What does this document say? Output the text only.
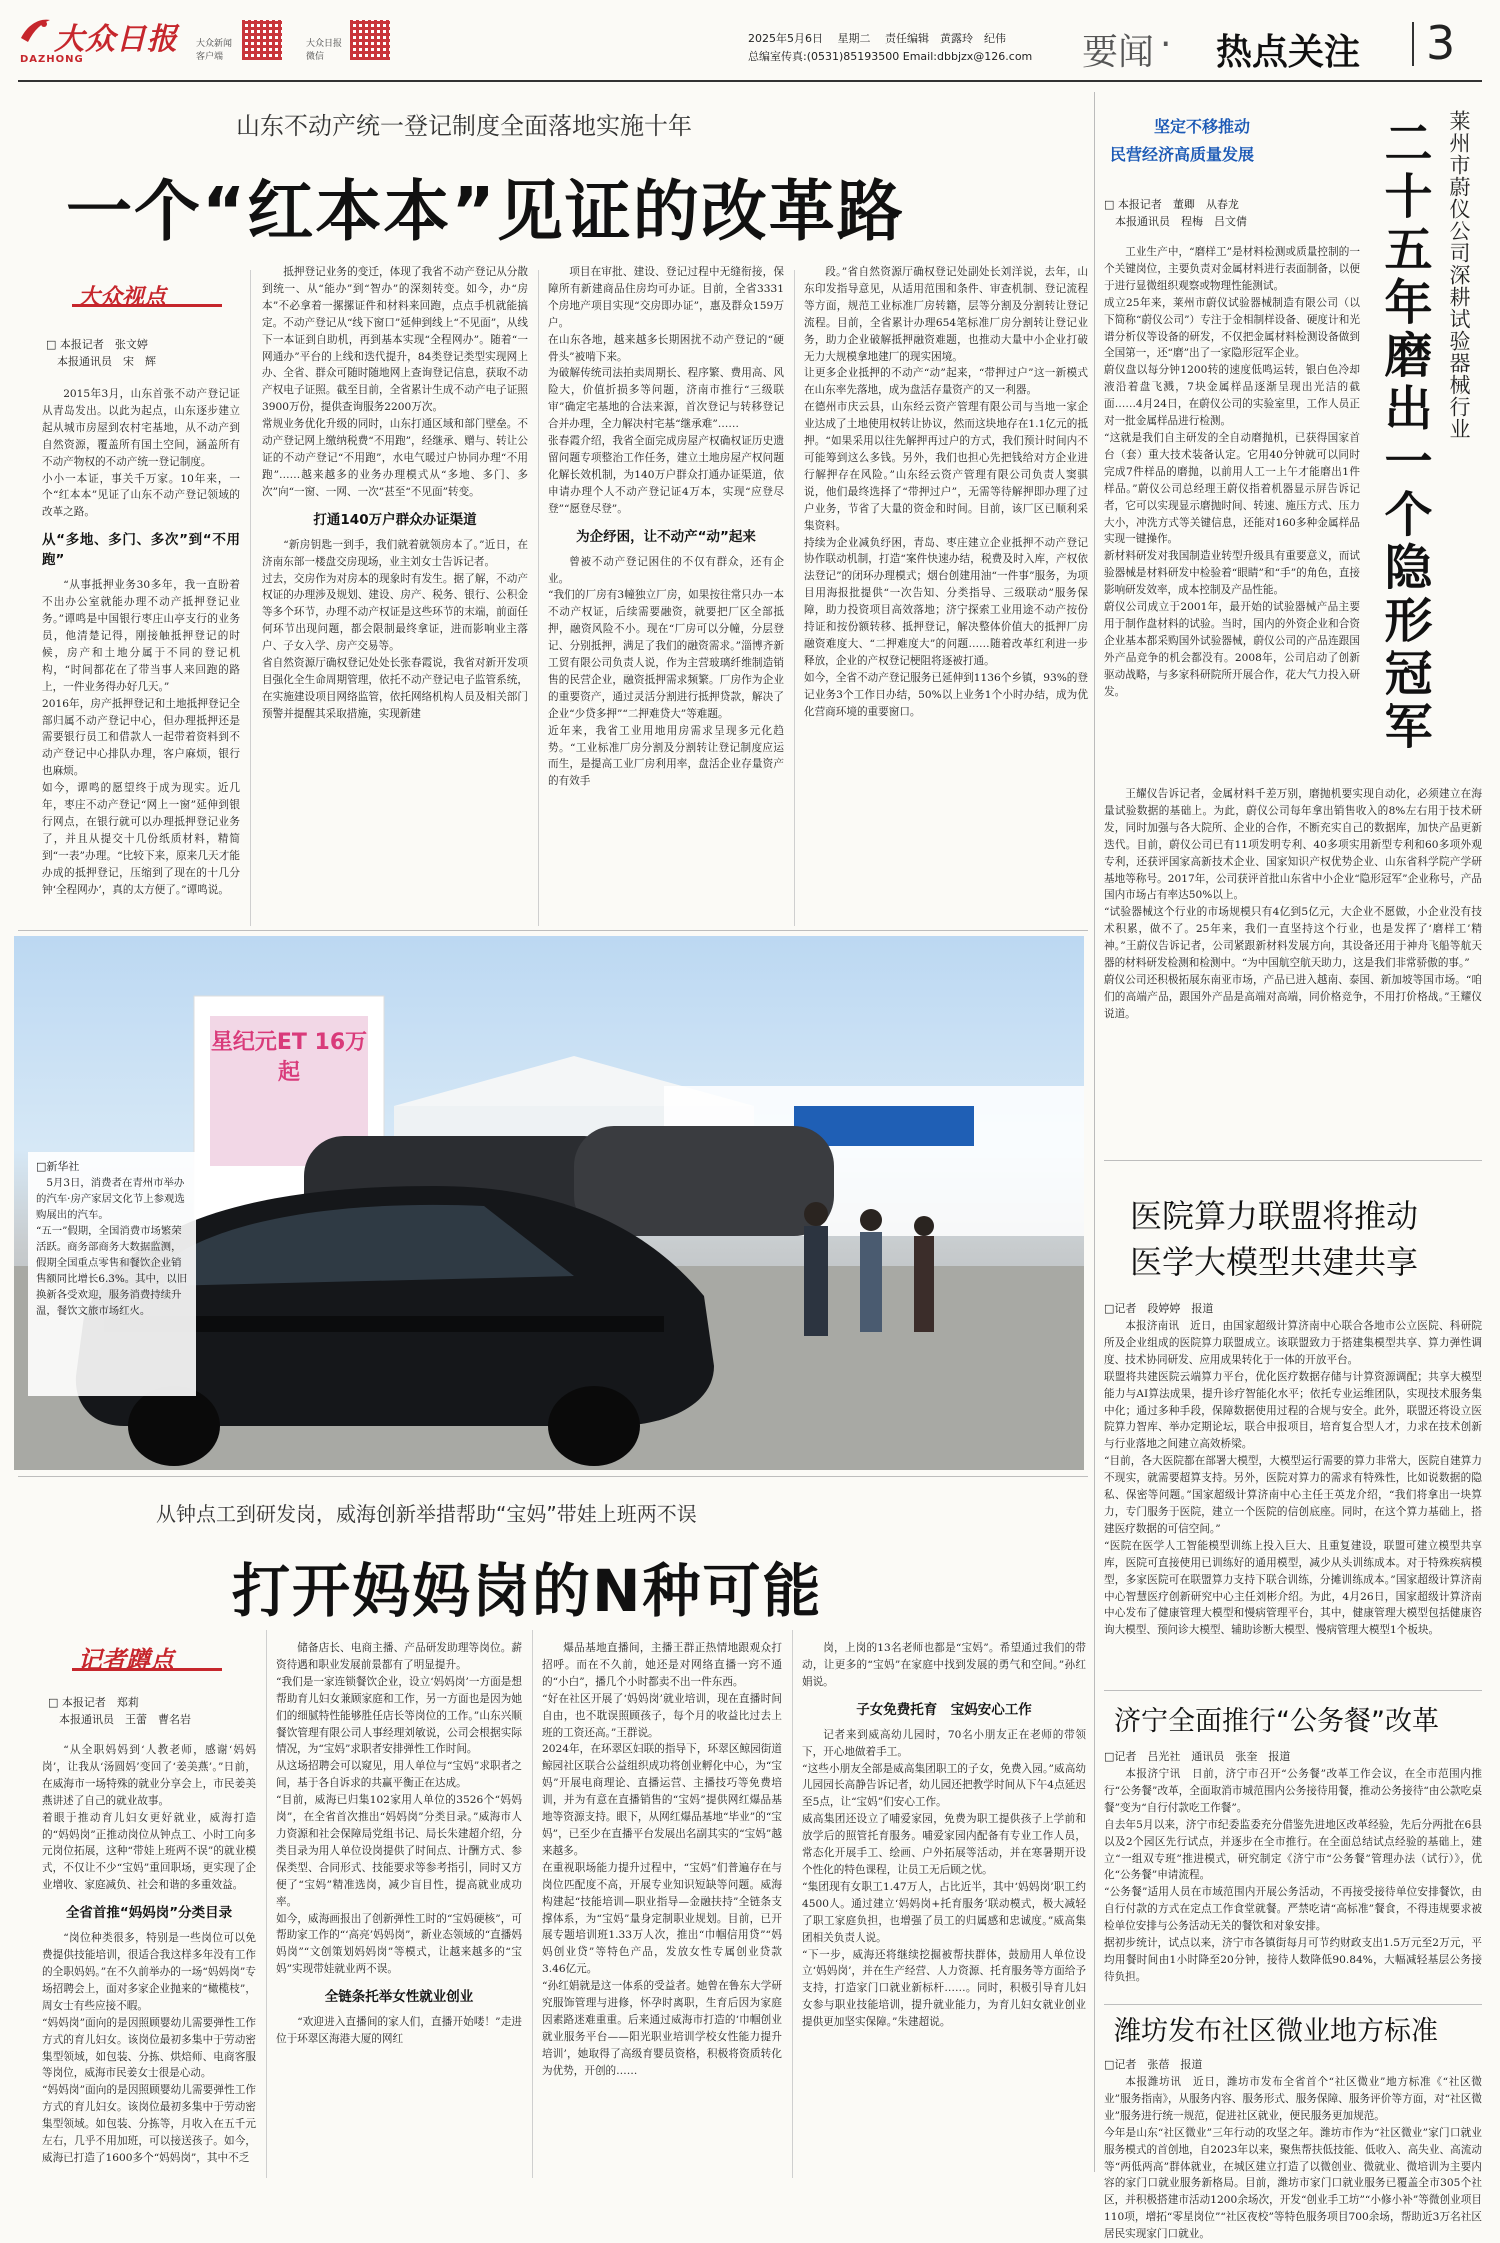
大众日报
DAZHONG
大众新闻
客户端
大众日报
微信
2025年5月6日　 星期二　 责任编辑　黄露玲　纪伟
总编室传真:(0531)85193500 Email:dbbjzx@126.com 要闻 · 热点关注 3
山东不动产统一登记制度全面落地实施十年
一个“红本本”见证的改革路
大众视点
□ 本报记者　张文婷
　本报通讯员　宋　辉

2015年3月，山东首张不动产登记证从青岛发出。以此为起点，山东逐步建立起从城市房屋到农村宅基地，从不动产到自然资源，覆盖所有国土空间，涵盖所有不动产物权的不动产统一登记制度。
小小一本证，事关千万家。10年来，一个“红本本”见证了山东不动产登记领域的改革之路。

从“多地、多门、多次”到“不用跑”

“从事抵押业务30多年，我一直盼着不出办公室就能办理不动产抵押登记业务。”谭鸣是中国银行枣庄山亭支行的业务员，他清楚记得，刚接触抵押登记的时候，房产和土地分属于不同的登记机构，“时间都花在了带当事人来回跑的路上，一件业务得办好几天。”
2016年，房产抵押登记和土地抵押登记全部归属不动产登记中心，但办理抵押还是需要银行员工和借款人一起带着资料到不动产登记中心排队办理，客户麻烦，银行也麻烦。
如今，谭鸣的愿望终于成为现实。近几年，枣庄不动产登记“网上一窗”延伸到银行网点，在银行就可以办理抵押登记业务了，并且从提交十几份纸质材料，精简到“一表”办理。“比较下来，原来几天才能办成的抵押登记，压缩到了现在的十几分钟‘全程网办’，真的太方便了。”谭鸣说。

抵押登记业务的变迁，体现了我省不动产登记从分散到统一、从“能办”到“智办”的深刻转变。如今，办“房本”不必拿着一摞摞证件和材料来回跑，点点手机就能搞定。不动产登记从“线下窗口”延伸到线上“不见面”，从线下一本证到自助机，再到基本实现“全程网办”。随着“一网通办”平台的上线和迭代提升，84类登记类型实现网上办、全省、群众可随时随地网上查询登记信息，获取不动产权电子证照。截至目前，全省累计生成不动产电子证照3900万份，提供查询服务2200万次。
常规业务优化升级的同时，山东打通区域和部门壁垒。不动产登记网上缴纳税费“不用跑”，经继承、赠与、转让公证的不动产登记“不用跑”，水电气暖过户协同办理“不用跑”……越来越多的业务办理模式从“多地、多门、多次”向“一窗、一网、一次”甚至“不见面”转变。

打通140万户群众办证渠道

“新房钥匙一到手，我们就着就领房本了。”近日，在济南东部一楼盘交房现场，业主刘女士告诉记者。
过去，交房作为对房本的现象时有发生。据了解，不动产权证的办理涉及规划、建设、房产、税务、银行、公积金等多个环节，办理不动产权证是这些环节的末端，前面任何环节出现问题，都会限制最终拿证，进而影响业主落户、子女入学、房产交易等。
省自然资源厅确权登记处处长张春霞说，我省对新开发项目强化全生命周期管理，依托不动产登记电子监管系统，在实施建设项目网络监管，依托网络机构人员及相关部门预警并提醒其采取措施，实现新建

项目在审批、建设、登记过程中无缝衔接，保障所有新建商品住房均可办证。目前，全省3331个房地产项目实现“交房即办证”，惠及群众159万户。
在山东各地，越来越多长期困扰不动产登记的“硬骨头”被啃下来。
为破解传统司法拍卖周期长、程序繁、费用高、风险大，价值折损多等问题，济南市推行“三级联审”确定宅基地的合法来源，首次登记与转移登记合并办理，全力解决村宅基“继承难”……
张春霞介绍，我省全面完成房屋产权确权证历史遗留问题专项整治工作任务，建立土地房屋产权问题化解长效机制，为140万户群众打通办证渠道，依申请办理个人不动产登记证4万本，实现“应登尽登”“愿登尽登”。

为企纾困，让不动产“动”起来

曾被不动产登记困住的不仅有群众，还有企业。
“我们的厂房有3幢独立厂房，如果按往常只办一本不动产权证，后续需要融资，就要把厂区全部抵押，融资风险不小。现在“厂房可以分幢，分层登记、分别抵押，满足了我们的融资需求。”淄博齐新工贸有限公司负责人说，作为主营玻璃纤维制造销售的民营企业，融资抵押需求频繁。厂房作为企业的重要资产，通过灵活分割进行抵押贷款，解决了企业“少贷多押”“二押难贷大”等难题。
近年来，我省工业用地用房需求呈现多元化趋势。“工业标准厂房分割及分割转让登记制度应运而生，是提高工业厂房利用率，盘活企业存量资产的有效手

段。”省自然资源厅确权登记处副处长刘洋说，去年，山东印发指导意见，从适用范围和条件、审查机制、登记流程等方面，规范工业标准厂房转籍，层等分割及分割转让登记流程。目前，全省累计办理654笔标准厂房分割转让登记业务，助力企业破解抵押融资难题，也推动大量中小企业打破无力大规模拿地建厂的现实困境。
让更多企业抵押的不动产“动”起来，“带押过户”这一新模式在山东率先落地，成为盘活存量资产的又一利器。
在德州市庆云县，山东经云资产管理有限公司与当地一家企业达成了土地使用权转让协议，然而这块地存在1.1亿元的抵押。“如果采用以往先解押再过户的方式，我们预计时间内不可能筹到这么多钱。另外，我们也担心先把钱给对方企业进行解押存在风险。”山东经云资产管理有限公司负责人窦骐说，他们最终选择了“带押过户”，无需等待解押即办理了过户业务，节省了大量的资金和时间。目前，该厂区已顺利采集资料。
持续为企业减负纾困，青岛、枣庄建立企业抵押不动产登记协作联动机制，打造“案件快速办结，税费及时入库，产权依法登记”的闭环办理模式；烟台创建用油“一件事”服务，为项目用海报批提供“一次告知、分类指导、三级联动”服务保障，助力投资项目高效落地；济宁探索工业用途不动产按份持证和按份额转移、抵押登记，解决整体价值大的抵押厂房融资难度大、“二押难度大”的问题……随着改革红利进一步释放，企业的产权登记梗阻将逐被打通。
如今，全省不动产登记服务已延伸到1136个乡镇，93%的登记业务3个工作日办结，50%以上业务1个小时办结，成为优化营商环境的重要窗口。

坚定不移推动
民营经济高质量发展	莱州市蔚仪公司深耕试验器械行业
二十五年磨出一个隐形冠军
□ 本报记者　董卿　从春龙
　本报通讯员　程梅　吕文倩

工业生产中，“磨样工”是材料检测或质量控制的一个关键岗位，主要负责对金属材料进行表面制备，以便于进行显微组织观察或物理性能测试。
成立25年来，莱州市蔚仪试验器械制造有限公司（以下简称“蔚仪公司”）专注于金相制样设备、硬度计和光谱分析仪等设备的研发，不仅把金属材料检测设备做到全国第一，还“磨”出了一家隐形冠军企业。
蔚仪盘以每分钟1200转的速度低鸣运转，银白色冷却液沿着盘飞溅，7块金属样品逐渐呈现出光洁的截面……4月24日，在蔚仪公司的实验室里，工作人员正对一批金属样品进行检测。
“这就是我们自主研发的全自动磨抛机，已获得国家首台（套）重大技术装备认定。它用40分钟就可以同时完成7件样品的磨抛，以前用人工一上午才能磨出1件样品。”蔚仪公司总经理王蔚仪指着机器显示屏告诉记者，它可以实现显示磨抛时间、转速、施压方式、压力大小，冲洗方式等关键信息，还能对160多种金属样品实现一键操作。
新材料研发对我国制造业转型升级具有重要意义，而试验器械是材料研发中检验着“眼睛”和“手”的角色，直接影响研发效率，成本控制及产品性能。
蔚仪公司成立于2001年，最开始的试验器械产品主要用于制作盘材料的试验。当时，国内的外资企业和合资企业基本都采购国外试验器械，蔚仪公司的产品连跟国外产品竞争的机会都没有。2008年，公司启动了创新驱动战略，与多家科研院所开展合作，花大气力投入研发。

王耀仪告诉记者，金属材料千差万别，磨抛机要实现自动化，必须建立在海量试验数据的基础上。为此，蔚仪公司每年拿出销售收入的8%左右用于技术研发，同时加强与各大院所、企业的合作，不断充实自己的数据库，加快产品更新迭代。目前，蔚仪公司已有11项发明专利、40多项实用新型专利和60多项外观专利，还获评国家高新技术企业、国家知识产权优势企业、山东省科学院产学研基地等称号。2017年，公司获评首批山东省中小企业“隐形冠军”企业称号，产品国内市场占有率达50%以上。
“试验器械这个行业的市场规模只有4亿到5亿元，大企业不愿做，小企业没有技术积累，做不了。25年来，我们一直坚持这个行业，也是发挥了‘磨样工’精神。”王蔚仪告诉记者，公司紧跟新材料发展方向，其设备还用于神舟飞船等航天器的材料研发检测和检测中。“为中国航空航天助力，这是我们非常骄傲的事。”
蔚仪公司还积极拓展东南亚市场，产品已进入越南、泰国、新加坡等国市场。“咱们的高端产品，跟国外产品是高端对高端，同价格竞争，不用打价格战。”王耀仪说道。

医院算力联盟将推动
医学大模型共建共享
□记者　段婷婷　报道

本报济南讯　近日，由国家超级计算济南中心联合各地市公立医院、科研院所及企业组成的医院算力联盟成立。该联盟致力于搭建集模型共享、算力弹性调度、技术协同研发、应用成果转化于一体的开放平台。
联盟将共建医院云端算力平台，优化医疗数据存储与计算资源调配；共享大模型能力与AI算法成果，提升诊疗智能化水平；依托专业运维团队，实现技术服务集中化；通过多种手段，保障数据使用过程的合规与安全。此外，联盟还将设立医院算力智库、举办定期论坛，联合申报项目，培育复合型人才，力求在技术创新与行业落地之间建立高效桥梁。
“目前，各大医院都在部署大模型，大模型运行需要的算力非常大，医院自建算力不现实，就需要超算支持。另外，医院对算力的需求有特殊性，比如说数据的隐私、保密等问题。”国家超级计算济南中心主任王英龙介绍，“我们将拿出一块算力，专门服务于医院，建立一个医院的信创底座。同时，在这个算力基础上，搭建医疗数据的可信空间。”
“医院在医学人工智能模型训练上投入巨大、且重复建设，联盟可建立模型共享库，医院可直接使用已训练好的通用模型，减少从头训练成本。对于特殊疾病模型，多家医院可在联盟算力支持下联合训练，分摊训练成本。”国家超级计算济南中心智慧医疗创新研究中心主任刘彬介绍。为此，4月26日，国家超级计算济南中心发布了健康管理大模型和慢病管理平台，其中，健康管理大模型包括健康咨询大模型、预问诊大模型、辅助诊断大模型、慢病管理大模型1个板块。

济宁全面推行“公务餐”改革
□记者　吕光社　通讯员　张奎　报道

本报济宁讯　日前，济宁市召开“公务餐”改革工作会议，在全市范围内推行“公务餐”改革，全面取消市城范围内公务接待用餐，推动公务接待“由公款吃桌餐”变为“自行付款吃工作餐”。
自去年5月以来，济宁市纪委监委充分借鉴先进地区改革经验，先后分两批在6县以及2个园区先行试点，并逐步在全市推行。在全面总结试点经验的基础上，建立“一组双专班”推进模式，研究制定《济宁市“公务餐”管理办法（试行）》，优化“公务餐”申请流程。
“公务餐”适用人员在市域范围内开展公务活动，不再接受接待单位安排餐饮，由自行付款的方式在定点工作食堂就餐。严禁吃请“高标准”餐食，不得违规要求被检单位安排与公务活动无关的餐饮和对象安排。
据初步统计，试点以来，济宁市各镇街每月可节约财政支出1.5万元至2万元，平均用餐时间由1小时降至20分钟，接待人数降低90.84%，大幅减轻基层公务接待负担。

潍坊发布社区微业地方标准
□记者　张蓓　报道

本报潍坊讯　近日，潍坊市发布全省首个“社区微业”地方标准《“社区微业”服务指南》，从服务内容、服务形式、服务保障、服务评价等方面，对“社区微业”服务进行统一规范，促进社区就业，便民服务更加规范。
今年是山东“社区微业”三年行动的攻坚之年。潍坊市作为“社区微业”家门口就业服务模式的首创地，自2023年以来，聚焦帮扶低技能、低收入、高失业、高流动等“两低两高”群体就业，在城区建立打造了以微创业、微就业、微培训为主要内容的家门口就业服务新格局。目前，潍坊市家门口就业服务已覆盖全市305个社区，并积极搭建市活动1200余场次，开发“创业手工坊”“小修小补”等微创业项目110项，增拓“零星岗位”“社区夜校”等特色服务项目700余场，帮助近3万名社区居民实现家门口就业。

星纪元ET 16万起
□新华社
5月3日，消费者在青州市举办的汽车·房产家居文化节上参观选购展出的汽车。
“五一”假期，全国消费市场繁荣活跃。商务部商务大数据监测，假期全国重点零售和餐饮企业销售额同比增长6.3%。其中，以旧换新各受欢迎，服务消费持续升温，餐饮文旅市场红火。
从钟点工到研发岗，威海创新举措帮助“宝妈”带娃上班两不误
打开妈妈岗的N种可能
记者蹲点
□ 本报记者　郑莉
　本报通讯员　王蕾　曹名岩

“从全职妈妈到‘人教老师，感谢‘妈妈岗’，让我从‘汤圆妈’变回了‘姜美燕’。”日前，在威海市一场特殊的就业分享会上，市民姜美燕讲述了自己的就业故事。
着眼于推动育儿妇女更好就业，威海打造的“妈妈岗”正推动岗位从钟点工、小时工向多元岗位拓展，这种“带娃上班两不误”的就业模式，不仅让不少“宝妈”重回职场，更实现了企业增收、家庭减负、社会和谐的多重效益。

全省首推“妈妈岗”分类目录

“岗位种类很多，特别是一些岗位可以免费提供技能培训，很适合我这样多年没有工作的全职妈妈。”在不久前举办的一场“妈妈岗”专场招聘会上，面对多家企业抛来的“橄榄枝”，周女士有些应接不暇。
“妈妈岗”面向的是因照顾婴幼儿需要弹性工作方式的育儿妇女。该岗位最初多集中于劳动密集型领域，如包装、分拣、烘焙师、电商客服等岗位，威海市民姜女士很是心动。
“妈妈岗”面向的是因照顾婴幼儿需要弹性工作方式的育儿妇女。该岗位最初多集中于劳动密集型领域。如包装、分拣等，月收入在五千元左右，几乎不用加班，可以接送孩子。如今，威海已打造了1600多个“妈妈岗”，其中不乏

储备店长、电商主播、产品研发助理等岗位。薪资待遇和职业发展前景都有了明显提升。
“我们是一家连锁餐饮企业，设立‘妈妈岗’一方面是想帮助育儿妇女兼顾家庭和工作，另一方面也是因为她们的细腻特性能够胜任店长等岗位的工作。”山东兴顺餐饮管理有限公司人事经理刘敏说，公司会根据实际情况，为“宝妈”求职者安排弹性工作时间。
从这场招聘会可以窥见，用人单位与“宝妈”求职者之间，基于各自诉求的共赢平衡正在达成。
“目前，威海已归集102家用人单位的3526个“妈妈岗”，在全省首次推出“妈妈岗”分类目录。”威海市人力资源和社会保障局党组书记、局长朱建超介绍，分类目录为用人单位设岗提供了时间点、计酬方式、参保类型、合同形式、技能要求等参考指引，同时又方便了“宝妈”精准选岗，减少盲目性，提高就业成功率。
如今，威海画报出了创新弹性工时的“宝妈硬核”，可帮助家工作的“‘高亮’妈妈岗”，新业态领域的“直播妈妈岗”“文创策划妈妈岗”等模式，让越来越多的“宝妈”实现带娃就业两不误。

全链条托举女性就业创业

“欢迎进入直播间的家人们，直播开始喽！”走进位于环翠区海港大厦的网红

爆品基地直播间，主播王群正热情地跟观众打招呼。而在不久前，她还是对网络直播一窍不通的“小白”，播几个小时都卖不出一件东西。
“好在社区开展了‘妈妈岗’就业培训，现在直播时间自由，也不耽误照顾孩子，每个月的收益比过去上班的工资还高。”王群说。
2024年，在环翠区妇联的指导下，环翠区鲸园街道鲸园社区联合公益组织成功将创业孵化中心，为“宝妈”开展电商理论、直播运营、主播技巧等免费培训，并为有意在直播销售的“宝妈”提供网红爆品基地等资源支持。眼下，从网红爆品基地“毕业”的“宝妈”，已至少在直播平台发展出名副其实的“宝妈”越来越多。
在重视职场能力提升过程中，“宝妈”们普遍存在与岗位匹配度不高，开展专业知识短缺等问题。威海构建起“技能培训—职业指导—金融扶持”全链条支撑体系，为“宝妈”量身定制职业规划。目前，已开展专题培训班1.33万人次，推出“巾帼信用贷”“妈妈创业贷”等特色产品，发放女性专属创业贷款3.46亿元。
“孙红娟就是这一体系的受益者。她曾在鲁东大学研究服饰管理与进修，怀孕时离职，生育后因为家庭因素路迷难重重。后来通过威海市打造的‘巾帼创业就业服务平台——阳光职业培训学校女性能力提升培训’，她取得了高级育婴员资格，积极将资质转化为优势，开创的……

岗，上岗的13名老师也都是“宝妈”。希望通过我们的带动，让更多的“宝妈”在家庭中找到发展的勇气和空间。”孙红娟说。

子女免费托育　宝妈安心工作

记者来到威高幼儿园时，70名小朋友正在老师的带领下，开心地做着手工。
“这些小朋友全部是威高集团职工的子女，免费入园。”威高幼儿园园长高静告诉记者，幼儿园还把教学时间从下午4点延迟至5点，让“宝妈”们安心工作。
威高集团还设立了哺爱家园，免费为职工提供孩子上学前和放学后的照管托育服务。哺爱家园内配备有专业工作人员，常态化开展手工、绘画、户外拓展等活动，并在寒暑期开设个性化的特色课程，让员工无后顾之忧。
“集团现有女职工1.47万人，占比近半，其中‘妈妈岗’职工约4500人。通过建立‘妈妈岗+托育服务’联动模式，极大减轻了职工家庭负担，也增强了员工的归属感和忠诚度。”威高集团相关负责人说。
“下一步，威海还将继续挖掘被帮扶群体，鼓励用人单位设立‘妈妈岗’，并在生产经营、人力资源、托育服务等方面给予支持，打造家门口就业新标杆……。同时，积极引导育儿妇女参与职业技能培训，提升就业能力，为育儿妇女就业创业提供更加坚实保障。”朱建超说。
